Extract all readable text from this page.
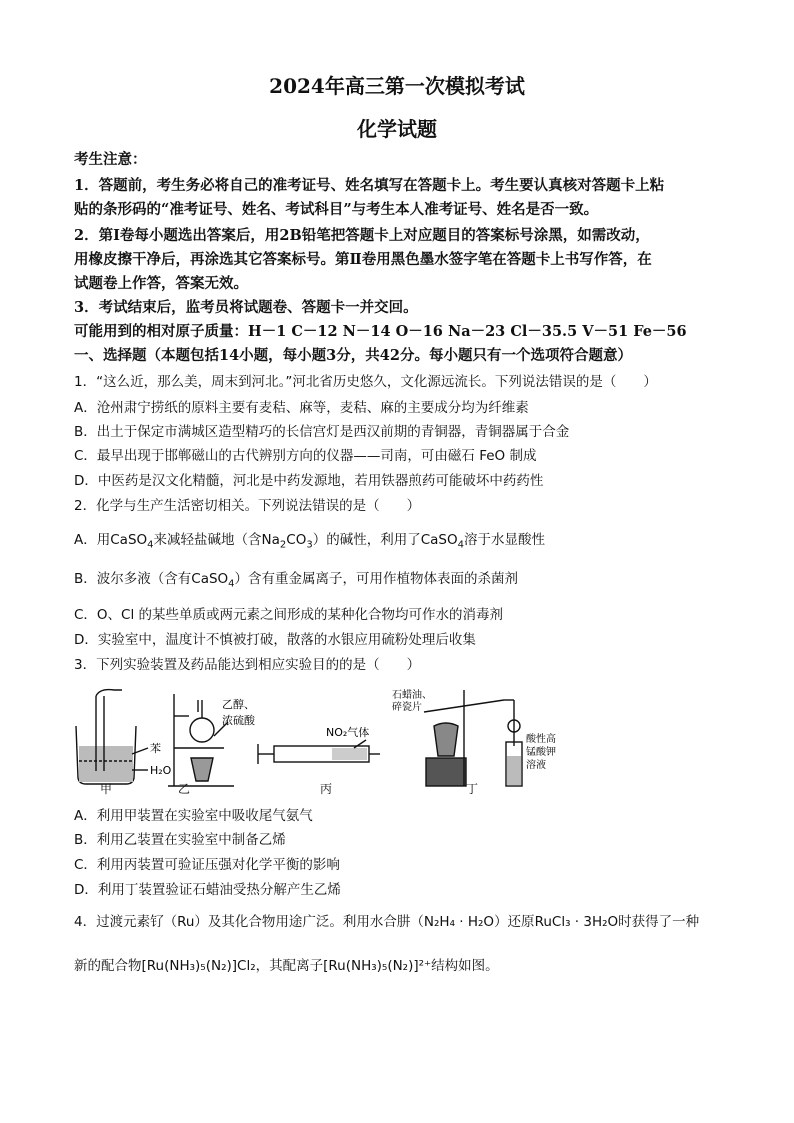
2024年高三第一次模拟考试
化学试题
考生注意：
1．答题前，考生务必将自己的准考证号、姓名填写在答题卡上。考生要认真核对答题卡上粘
贴的条形码的“准考证号、姓名、考试科目”与考生本人准考证号、姓名是否一致。
2．第Ⅰ卷每小题选出答案后，用2B铅笔把答题卡上对应题目的答案标号涂黑，如需改动，
用橡皮擦干净后，再涂选其它答案标号。第Ⅱ卷用黑色墨水签字笔在答题卡上书写作答，在
试题卷上作答，答案无效。
3．考试结束后，监考员将试题卷、答题卡一并交回。
可能用到的相对原子质量：H－1 C－12 N－14 O－16 Na－23 Cl－35.5 V－51 Fe－56
一、选择题（本题包括14小题，每小题3分，共42分。每小题只有一个选项符合题意）
1．“这么近，那么美，周末到河北。”河北省历史悠久，文化源远流长。下列说法错误的是（　　）
A．沧州肃宁捞纸的原料主要有麦秸、麻等，麦秸、麻的主要成分均为纤维素
B．出土于保定市满城区造型精巧的长信宫灯是西汉前期的青铜器，青铜器属于合金
C．最早出现于邯郸磁山的古代辨别方向的仪器——司南，可由磁石 FeO 制成
D．中医药是汉文化精髓，河北是中药发源地，若用铁器煎药可能破坏中药药性
2．化学与生产生活密切相关。下列说法错误的是（　　）
A．用CaSO$_4$来减轻盐碱地（含$Na_2CO_3$）的碱性，利用了CaSO$_4$溶于水显酸性
B．波尔多液（含有CaSO$_4$）含有重金属离子，可用作植物体表面的杀菌剂
C．O、Cl 的某些单质或两元素之间形成的某种化合物均可作水的消毒剂
D．实验室中，温度计不慎被打破，散落的水银应用硫粉处理后收集
3．下列实验装置及药品能达到相应实验目的的是（　　）
苯
H₂O
乙醇、
浓硫酸
NO₂气体
石蜡油、
碎瓷片
酸性高
锰酸钾
溶液
甲	乙	丙	丁
A．利用甲装置在实验室中吸收尾气氨气
B．利用乙装置在实验室中制备乙烯
C．利用丙装置可验证压强对化学平衡的影响
D．利用丁装置验证石蜡油受热分解产生乙烯
4．过渡元素钌（Ru）及其化合物用途广泛。利用水合肼（N₂H₄ · H₂O）还原RuCl₃ · 3H₂O时获得了一种
新的配合物[Ru(NH₃)₅(N₂)]Cl₂，其配离子[Ru(NH₃)₅(N₂)]²⁺结构如图。
